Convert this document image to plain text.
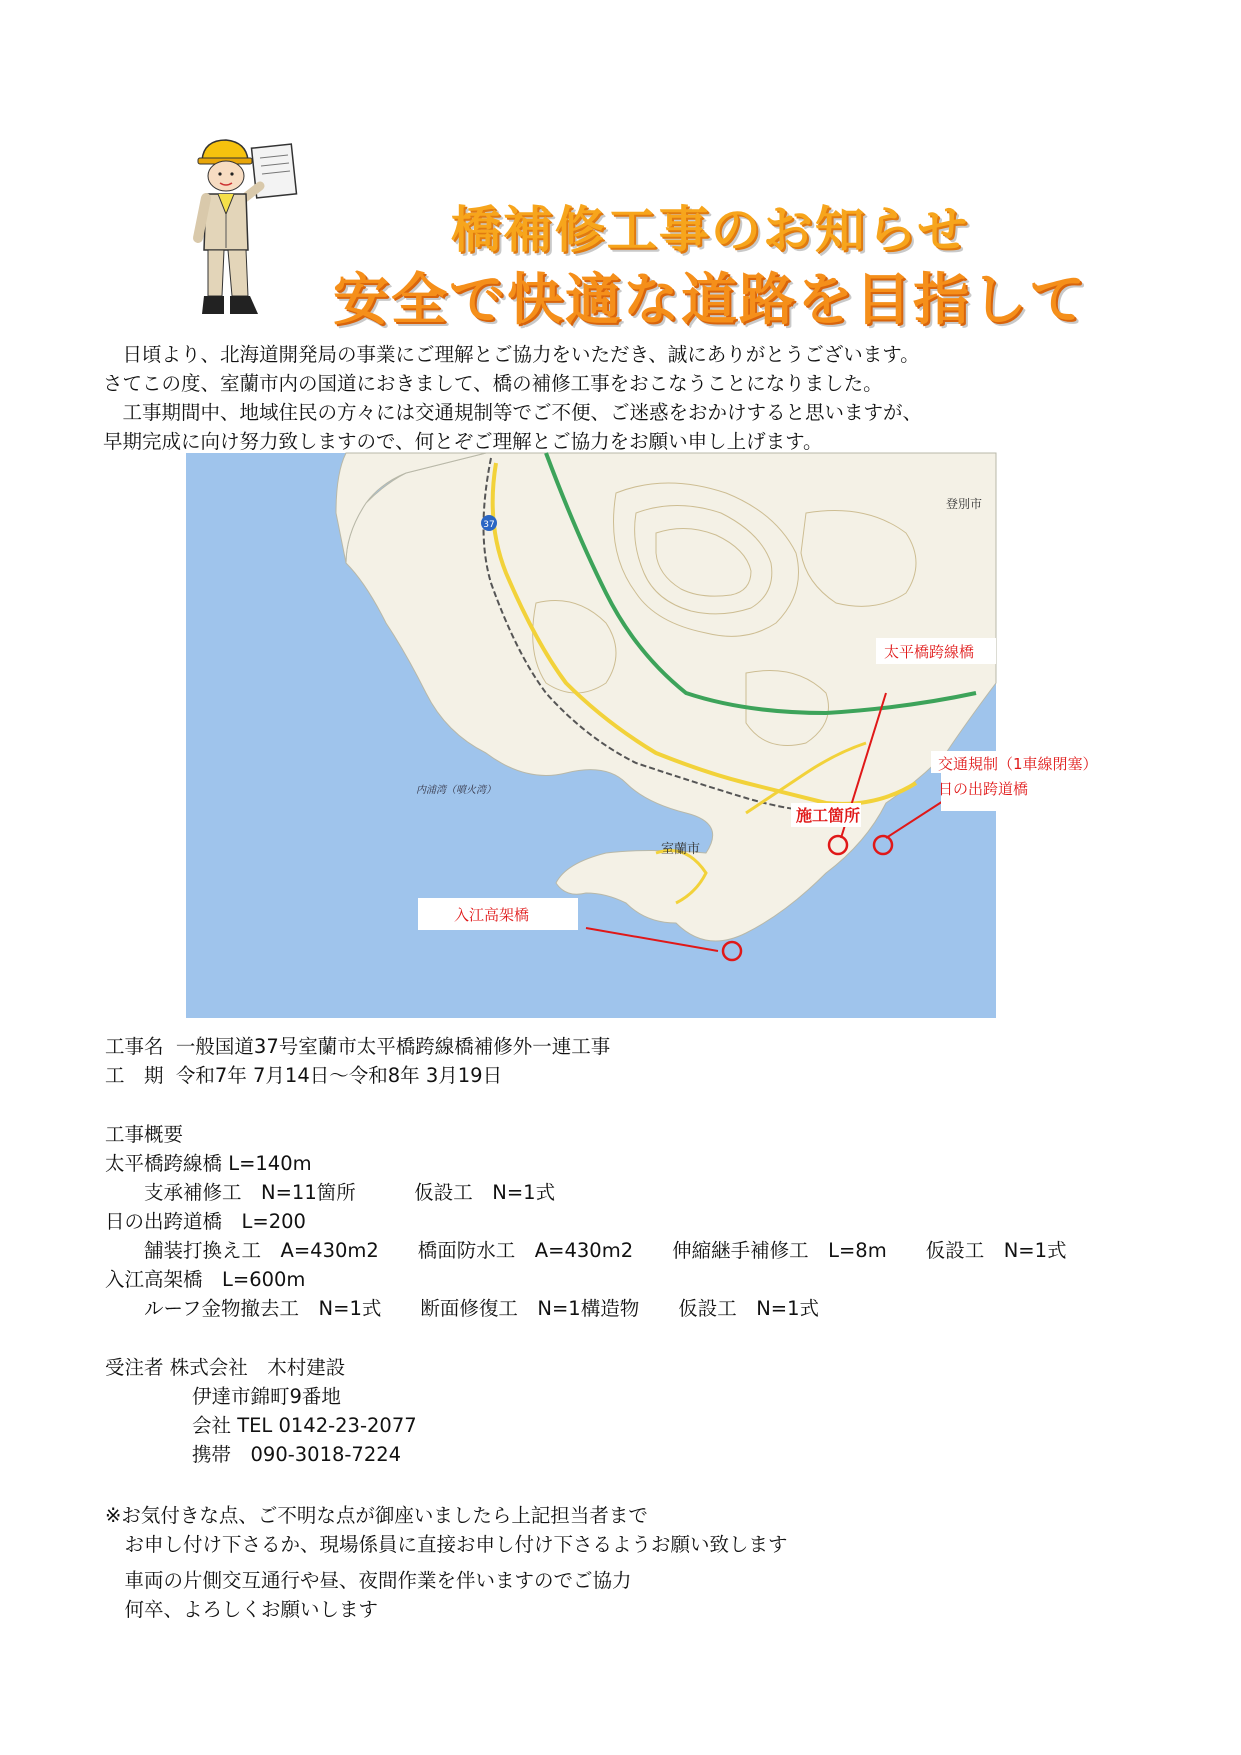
橋補修工事のお知らせ
安全で快適な道路を目指して
　日頃より、北海道開発局の事業にご理解とご協力をいただき、誠にありがとうございます。
さてこの度、室蘭市内の国道におきまして、橋の補修工事をおこなうことになりました。
　工事期間中、地域住民の方々には交通規制等でご不便、ご迷惑をおかけすると思いますが、
早期完成に向け努力致しますので、何とぞご理解とご協力をお願い申し上げます。
37
登別市
室蘭市
内浦湾（噴火湾）
太平橋跨線橋
交通規制（1車線閉塞）
日の出跨道橋
施工箇所
入江高架橋
工事名 一般国道37号室蘭市太平橋跨線橋補修外一連工事
工　期 令和7年 7月14日～令和8年 3月19日
工事概要
太平橋跨線橋 L=140m
　　支承補修工　N=11箇所　　　仮設工　N=1式
日の出跨道橋　L=200
　　舗装打換え工　A=430m2　　橋面防水工　A=430m2　　伸縮継手補修工　L=8m　　仮設工　N=1式
入江高架橋　L=600m
　　ルーフ金物撤去工　N=1式　　断面修復工　N=1構造物　　仮設工　N=1式
受注者 株式会社　木村建設
伊達市錦町9番地
会社 TEL 0142-23-2077
携帯　090-3018-7224
※お気付きな点、ご不明な点が御座いましたら上記担当者まで
　お申し付け下さるか、現場係員に直接お申し付け下さるようお願い致します
　車両の片側交互通行や昼、夜間作業を伴いますのでご協力
　何卒、よろしくお願いします
